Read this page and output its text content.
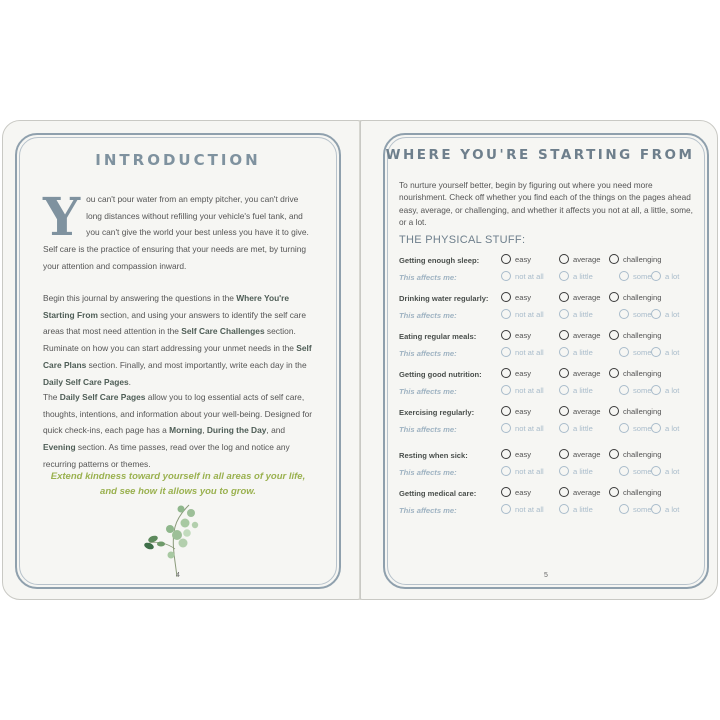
INTRODUCTION
You can't pour water from an empty pitcher, you can't drive long distances without refilling your vehicle's fuel tank, and you can't give the world your best unless you have it to give. Self care is the practice of ensuring that your needs are met, by turning your attention and compassion inward.
Begin this journal by answering the questions in the Where You're Starting From section, and using your answers to identify the self care areas that most need attention in the Self Care Challenges section. Ruminate on how you can start addressing your unmet needs in the Self Care Plans section. Finally, and most importantly, write each day in the Daily Self Care Pages.
The Daily Self Care Pages allow you to log essential acts of self care, thoughts, intentions, and information about your well-being. Designed for quick check-ins, each page has a Morning, During the Day, and Evening section. As time passes, read over the log and notice any recurring patterns or themes.
Extend kindness toward yourself in all areas of your life,
and see how it allows you to grow.
4
WHERE YOU'RE STARTING FROM
To nurture yourself better, begin by figuring out where you need more nourishment. Check off whether you find each of the things on the pages ahead easy, average, or challenging, and whether it affects you not at all, a little, some, or a lot.
THE PHYSICAL STUFF:
Getting enough sleep:	easy	average	challenging
This affects me:	not at all	a little	some a lot
Drinking water regularly:	easy	average	challenging
This affects me:	not at all	a little	some a lot
Eating regular meals:	easy	average	challenging
This affects me:	not at all	a little	some a lot
Getting good nutrition:	easy	average	challenging
This affects me:	not at all	a little	some a lot
Exercising regularly:	easy	average	challenging
This affects me:	not at all	a little	some a lot
Resting when sick:	easy	average	challenging
This affects me:	not at all	a little	some a lot
Getting medical care:	easy	average	challenging
This affects me:	not at all	a little	some a lot
5
